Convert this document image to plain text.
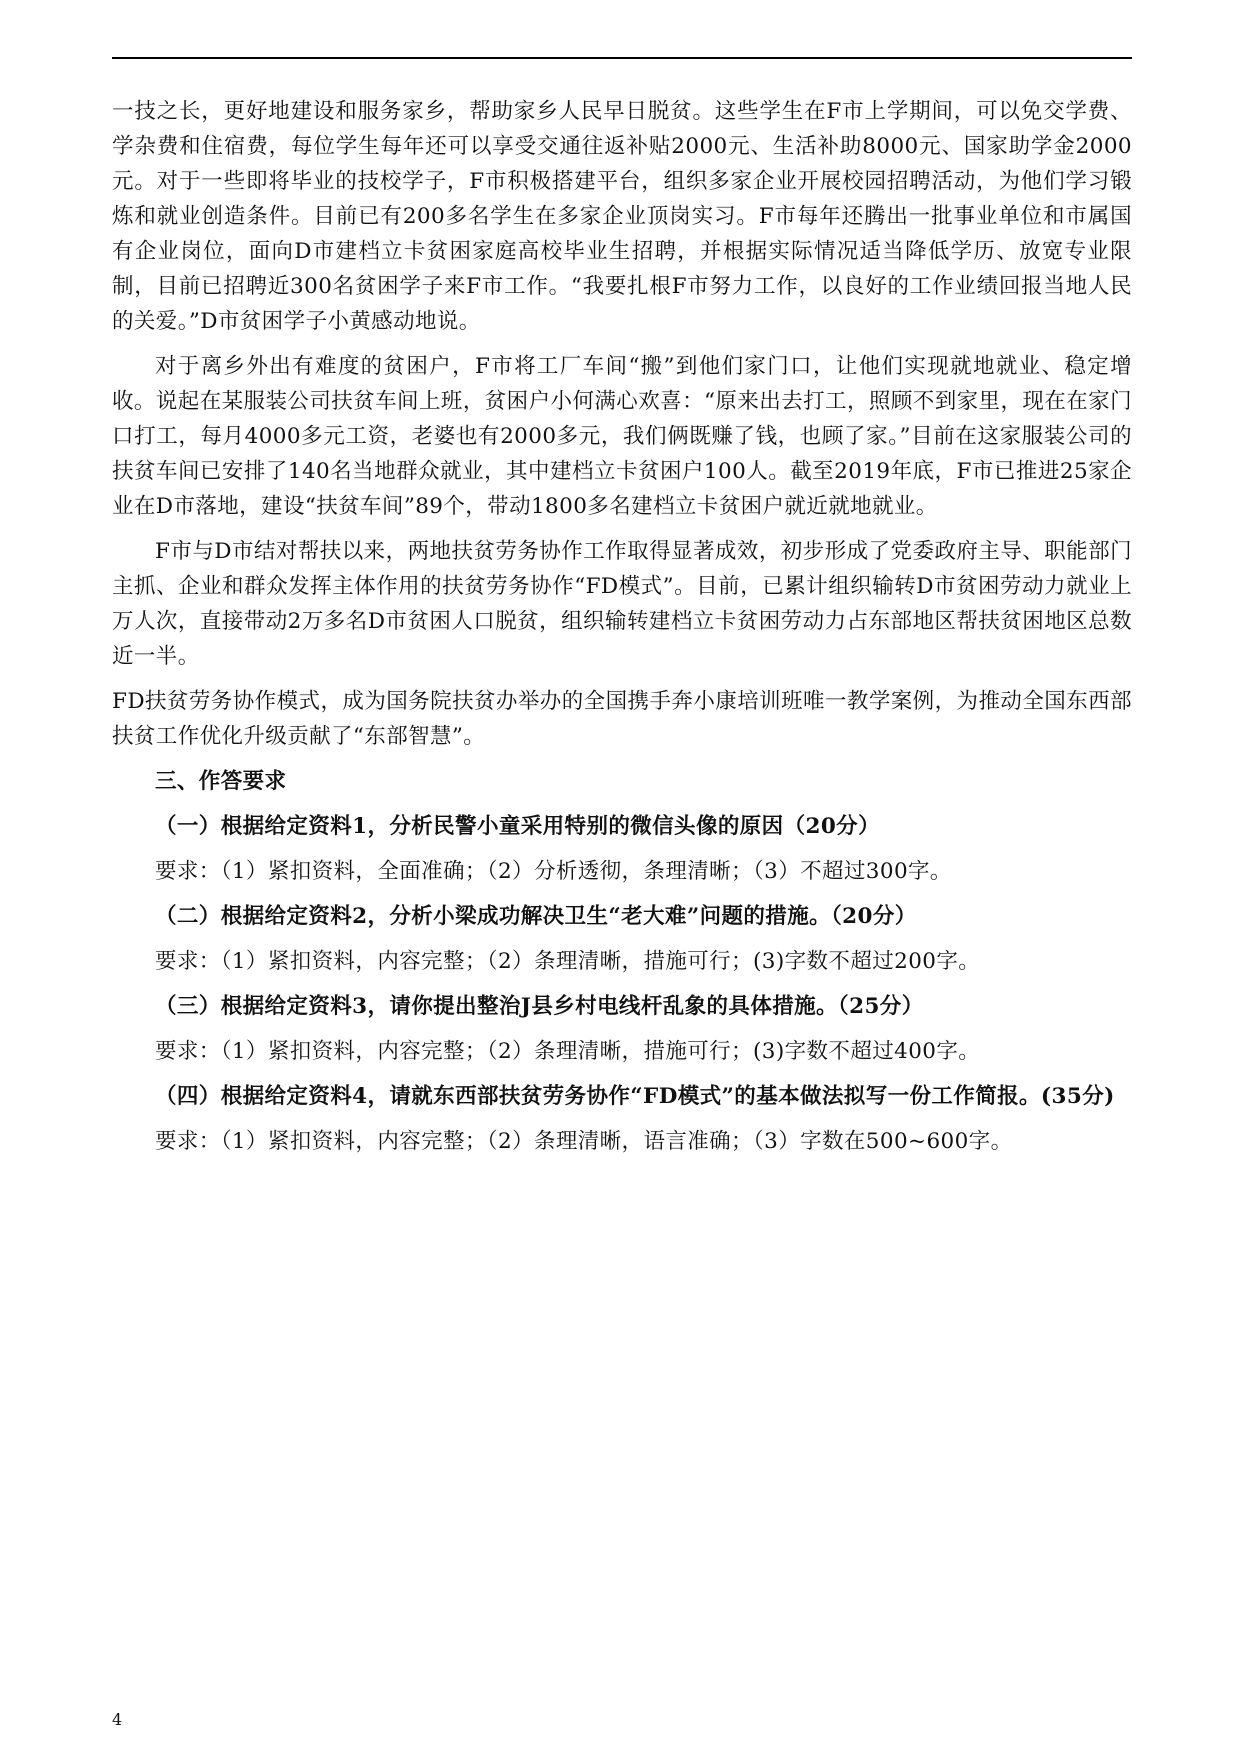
一技之长，更好地建设和服务家乡，帮助家乡人民早日脱贫。这些学生在F市上学期间，可以免交学费、学杂费和住宿费，每位学生每年还可以享受交通往返补贴2000元、生活补助8000元、国家助学金2000元。对于一些即将毕业的技校学子，F市积极搭建平台，组织多家企业开展校园招聘活动，为他们学习锻炼和就业创造条件。目前已有200多名学生在多家企业顶岗实习。F市每年还腾出一批事业单位和市属国有企业岗位，面向D市建档立卡贫困家庭高校毕业生招聘，并根据实际情况适当降低学历、放宽专业限制，目前已招聘近300名贫困学子来F市工作。“我要扎根F市努力工作，以良好的工作业绩回报当地人民的关爱。”D市贫困学子小黄感动地说。

对于离乡外出有难度的贫困户，F市将工厂车间“搬”到他们家门口，让他们实现就地就业、稳定增收。说起在某服装公司扶贫车间上班，贫困户小何满心欢喜：“原来出去打工，照顾不到家里，现在在家门口打工，每月4000多元工资，老婆也有2000多元，我们俩既赚了钱，也顾了家。”目前在这家服装公司的扶贫车间已安排了140名当地群众就业，其中建档立卡贫困户100人。截至2019年底，F市已推进25家企业在D市落地，建设“扶贫车间”89个，带动1800多名建档立卡贫困户就近就地就业。

F市与D市结对帮扶以来，两地扶贫劳务协作工作取得显著成效，初步形成了党委政府主导、职能部门主抓、企业和群众发挥主体作用的扶贫劳务协作“FD模式”。目前，已累计组织输转D市贫困劳动力就业上万人次，直接带动2万多名D市贫困人口脱贫，组织输转建档立卡贫困劳动力占东部地区帮扶贫困地区总数近一半。

FD扶贫劳务协作模式，成为国务院扶贫办举办的全国携手奔小康培训班唯一教学案例，为推动全国东西部扶贫工作优化升级贡献了“东部智慧”。

三、作答要求

（一）根据给定资料1，分析民警小童采用特别的微信头像的原因（20分）

要求：（1）紧扣资料，全面准确；（2）分析透彻，条理清晰；（3）不超过300字。

（二）根据给定资料2，分析小梁成功解决卫生“老大难”问题的措施。（20分）

要求：（1）紧扣资料，内容完整；（2）条理清晰，措施可行；(3)字数不超过200字。

（三）根据给定资料3，请你提出整治J县乡村电线杆乱象的具体措施。（25分）

要求：（1）紧扣资料，内容完整；（2）条理清晰，措施可行；(3)字数不超过400字。

（四）根据给定资料4，请就东西部扶贫劳务协作“FD模式”的基本做法拟写一份工作简报。(35分)

要求：（1）紧扣资料，内容完整；（2）条理清晰，语言准确；（3）字数在500~600字。

4
